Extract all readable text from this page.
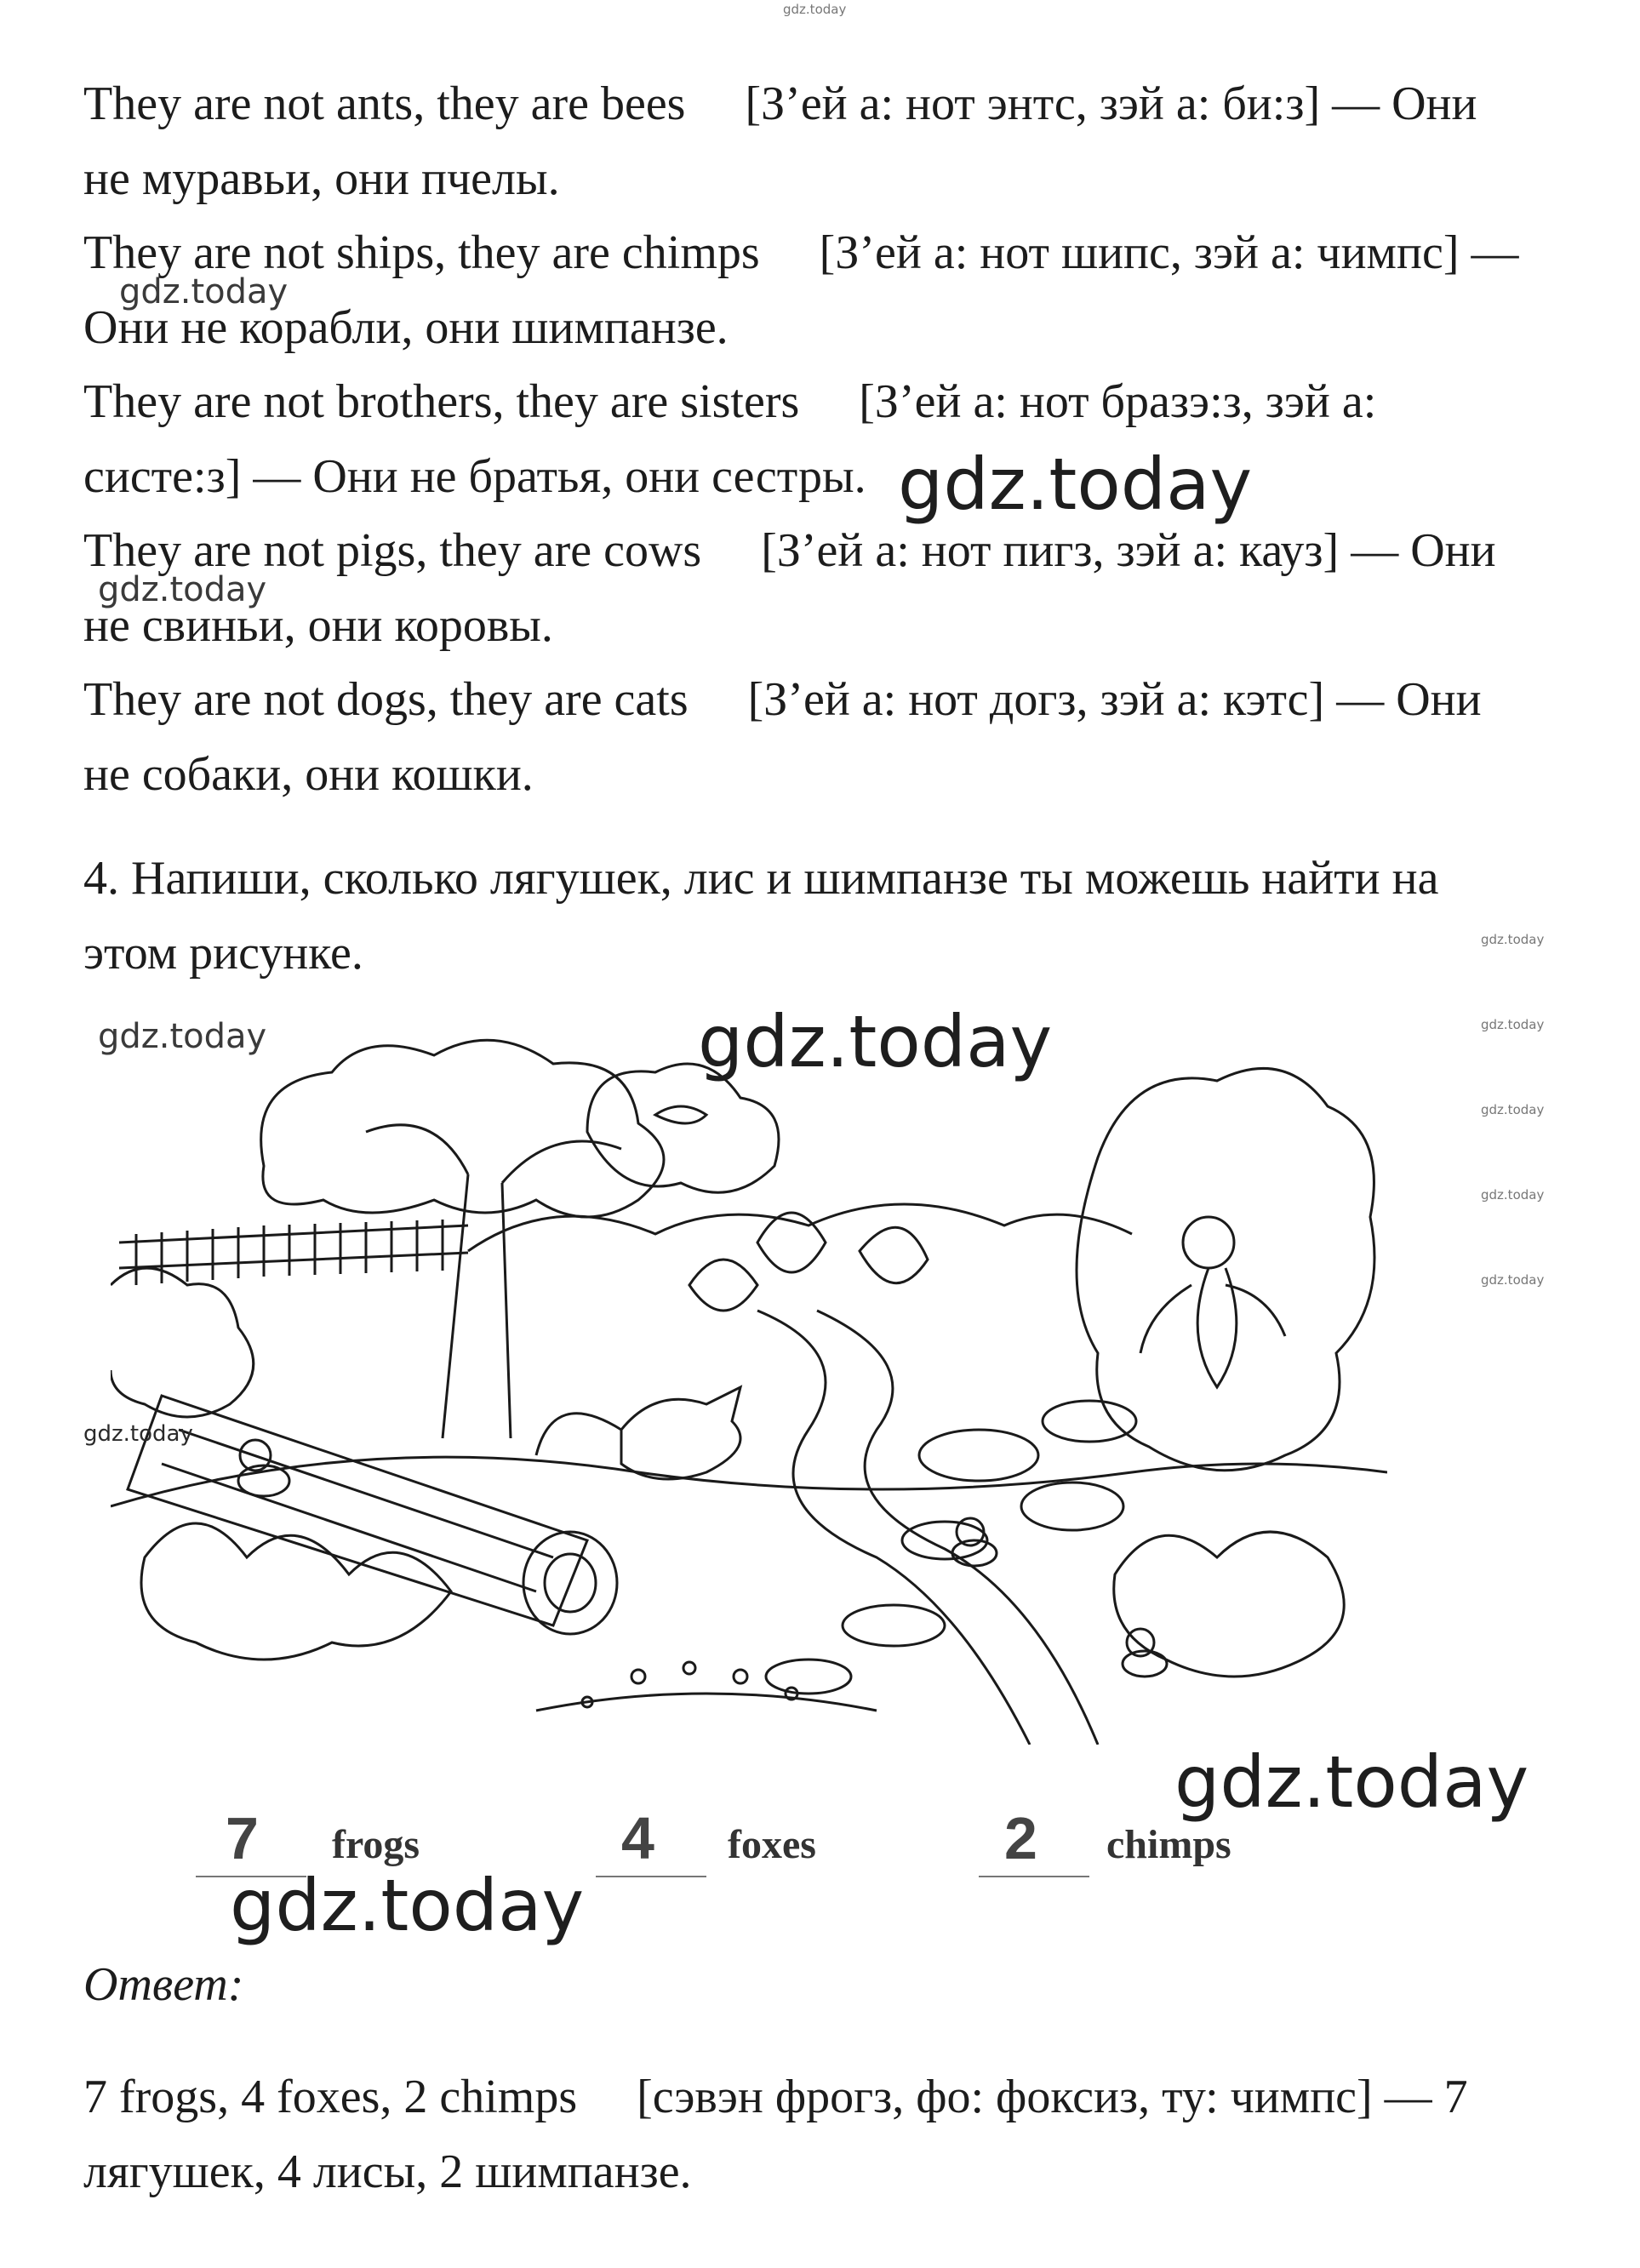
gdz.today

They are not ants, they are bees [З’ей а: нот энтс, зэй а: би:з] — Они
не муравьи, они пчелы.

They are not ships, they are chimps [З’ей а: нот шипс, зэй а: чимпс] —
Они не корабли, они шимпанзе.

They are not brothers, they are sisters [З’ей а: нот бразэ:з, зэй а:
систе:з] — Они не братья, они сестры.

They are not pigs, they are cows [З’ей а: нот пигз, зэй а: кауз] — Они
не свиньи, они коровы.

They are not dogs, they are cats [З’ей а: нот догз, зэй а: кэтс] — Они
не собаки, они кошки.

4. Напиши, сколько лягушек, лис и шимпанзе ты можешь найти на
этом рисунке.

7 frogs	4 foxes	2 chimps

Ответ:

7 frogs, 4 foxes, 2 chimps [сэвэн фрогз, фо: фоксиз, ту: чимпс] — 7
лягушек, 4 лисы, 2 шимпанзе.

gdz.today
gdz.today
gdz.today
gdz.today
gdz.today	gdz.today	gdz.today
gdz.today
gdz.today
gdz.today
gdz.today
gdz.today
gdz.today
